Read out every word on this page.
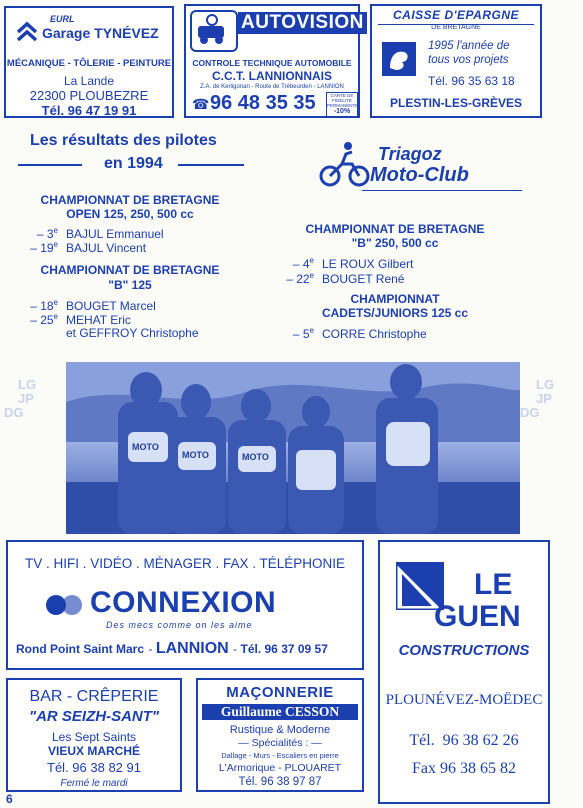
EURL
Garage TYNÉVEZ
MÉCANIQUE - TÔLERIE - PEINTURE
La Lande
22300 PLOUBEZRE
Tél. 96 47 19 91
AUTOVISION
CONTROLE TECHNIQUE AUTOMOBILE
C.C.T. LANNIONNAIS
Z.A. de Kerligonan - Route de Trébeurden - LANNION
☎ 96 48 35 35	CARTE DE
FIDELITÉ
PERMANENTE
-10%
CAISSE D'EPARGNE
DE BRETAGNE
1995 l'année de
tous vos projets
Tél. 96 35 63 18
PLESTIN-LES-GRÈVES
Les résultats des pilotes
en 1994	Triagoz
Moto-Club
CHAMPIONNAT DE BRETAGNE
OPEN 125, 250, 500 cc
– 3e BAJUL Emmanuel
– 19e BAJUL Vincent
CHAMPIONNAT DE BRETAGNE
"B" 125
– 18e BOUGET Marcel
– 25e MEHAT Eric
et GEFFROY Christophe
CHAMPIONNAT DE BRETAGNE
"B" 250, 500 cc
– 4e LE ROUX Gilbert
– 22e BOUGET René
CHAMPIONNAT
CADETS/JUNIORS 125 cc
– 5e CORRE Christophe
LG
JP
DG
LG
JP
DG
MOTO
MOTO	MOTO
TV . HIFI . VIDÉO . MÉNAGER . FAX . TÉLÉPHONIE
CONNEXION
Des mecs comme on les aime
Rond Point Saint Marc - LANNION - Tél. 96 37 09 57
LE
GUEN
CONSTRUCTIONS
PLOUNÉVEZ-MOËDEC
Tél.  96 38 62 26
Fax 96 38 65 82
BAR - CRÊPERIE
"AR SEIZH-SANT"
Les Sept Saints
VIEUX MARCHÉ
Tél. 96 38 82 91
Fermé le mardi
MAÇONNERIE
Guillaume CESSON
Rustique & Moderne
— Spécialités : —
Dallage - Murs - Escaliers en pierre
L'Armorique - PLOUARET
Tél. 96 38 97 87
6
